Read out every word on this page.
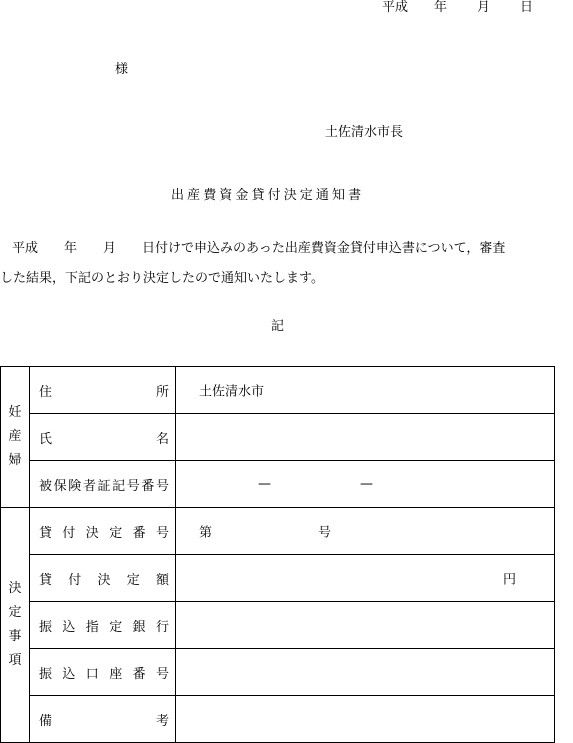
平成 年 月 日
様
土佐清水市長
出産費資金貸付決定通知書
平成　　年　　月　　日付けで申込みのあった出産費資金貸付申込書について，審査
した結果，下記のとおり決定したので通知いたします。
記
妊
産
婦	住所	土佐清水市

	氏名	

	被保険者証記号番号	— —

決
定
事
項	貸付決定番号	第 号

	貸付決定額	円

	振込指定銀行	

	振込口座番号	

	備考	
